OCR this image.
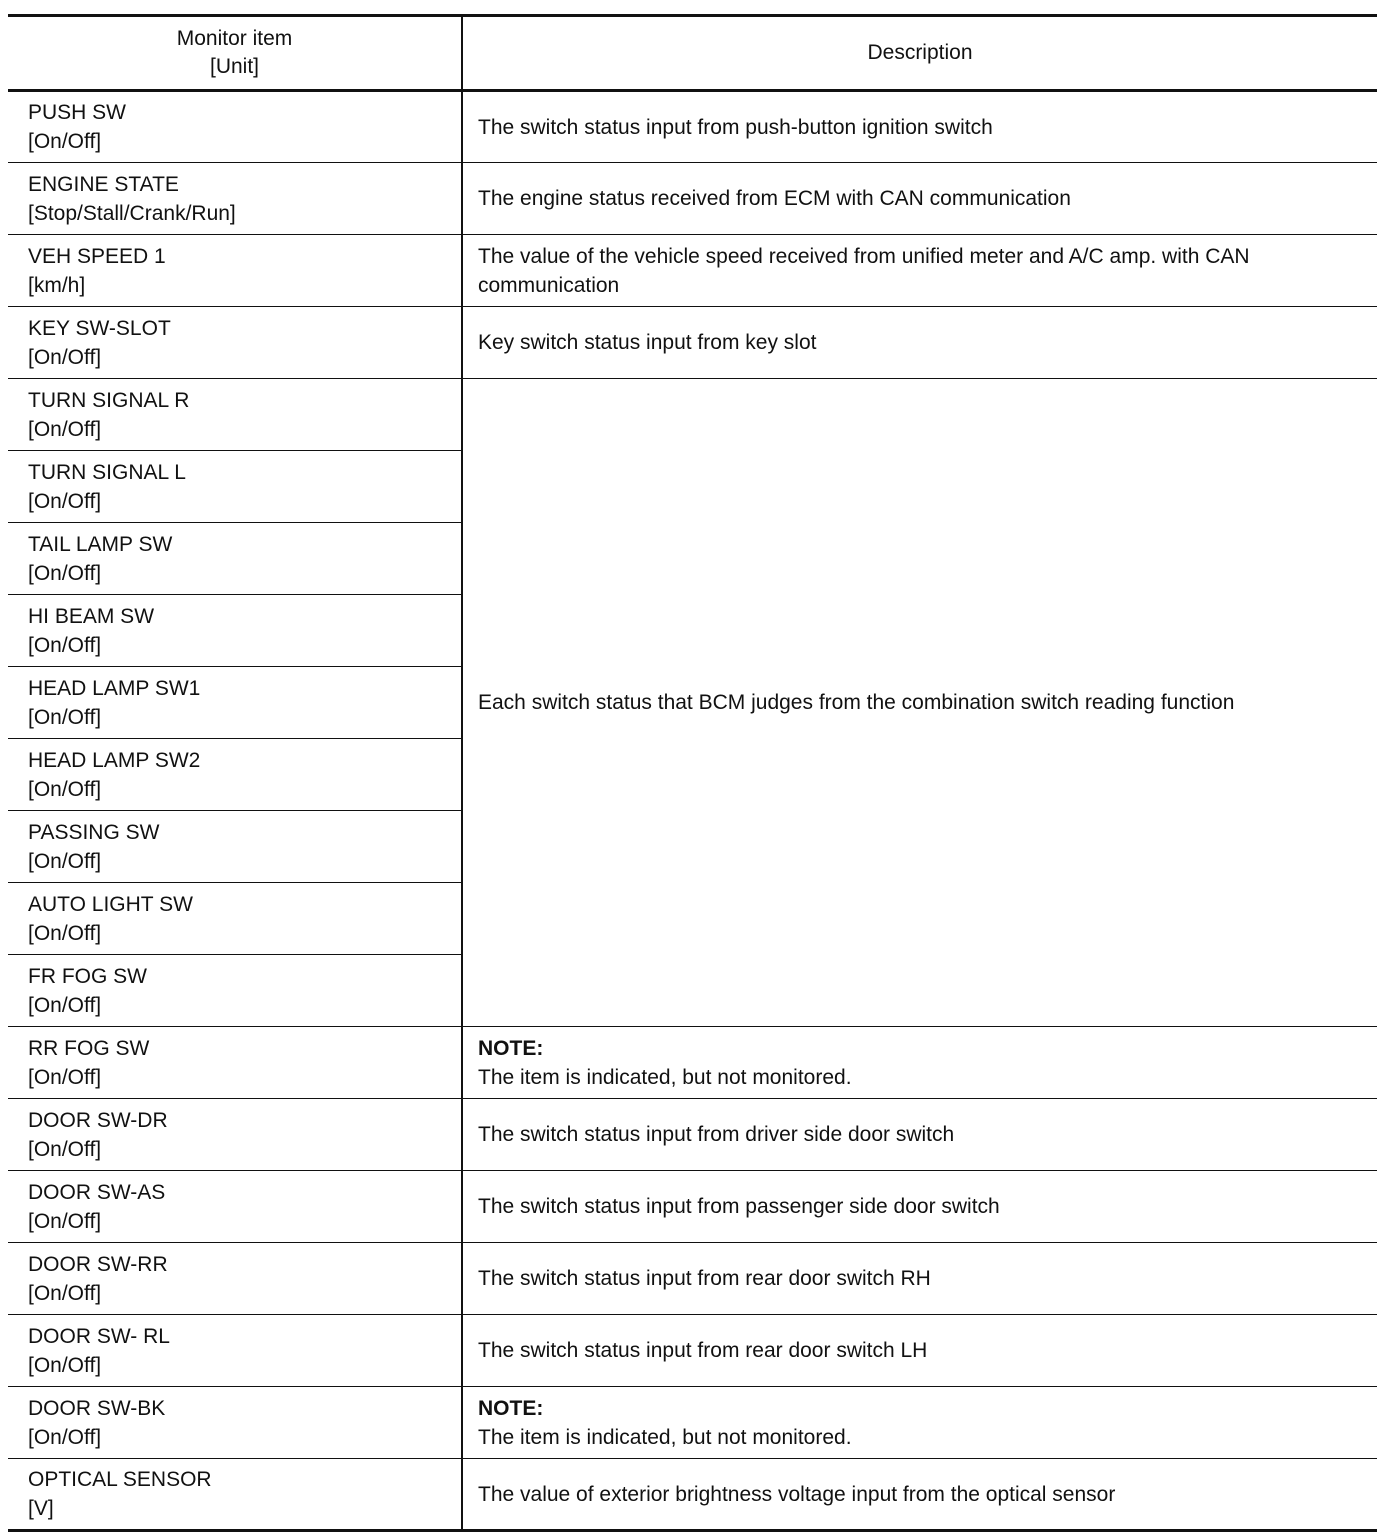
Monitor item
[Unit]	Description

PUSH SW
[On/Off]	The switch status input from push-button ignition switch

ENGINE STATE
[Stop/Stall/Crank/Run]	The engine status received from ECM with CAN communication

VEH SPEED 1
[km/h]	The value of the vehicle speed received from unified meter and A/C amp. with CAN communication

KEY SW-SLOT
[On/Off]	Key switch status input from key slot

TURN SIGNAL R
[On/Off]	Each switch status that BCM judges from the combination switch reading function

TURN SIGNAL L
[On/Off]	

TAIL LAMP SW
[On/Off]	

HI BEAM SW
[On/Off]	

HEAD LAMP SW1
[On/Off]	

HEAD LAMP SW2
[On/Off]	

PASSING SW
[On/Off]	

AUTO LIGHT SW
[On/Off]	

FR FOG SW
[On/Off]	

RR FOG SW
[On/Off]	NOTE:
The item is indicated, but not monitored.

DOOR SW-DR
[On/Off]	The switch status input from driver side door switch

DOOR SW-AS
[On/Off]	The switch status input from passenger side door switch

DOOR SW-RR
[On/Off]	The switch status input from rear door switch RH

DOOR SW- RL
[On/Off]	The switch status input from rear door switch LH

DOOR SW-BK
[On/Off]	NOTE:
The item is indicated, but not monitored.

OPTICAL SENSOR
[V]	The value of exterior brightness voltage input from the optical sensor
